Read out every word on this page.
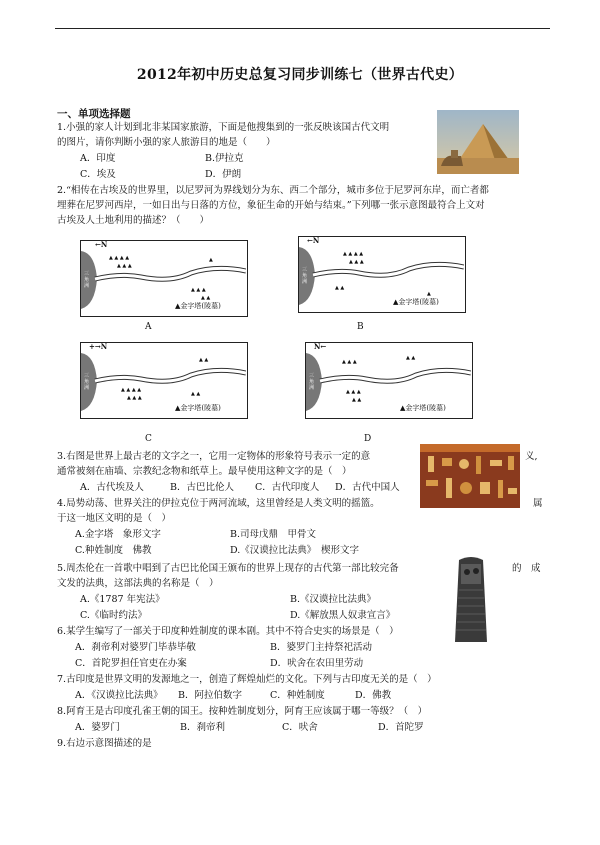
2012年初中历史总复习同步训练七（世界古代史）
一、单项选择题
1.小强的家人计划到北非某国家旅游，下面是他搜集到的一张反映该国古代文明
的图片，请你判断小强的家人旅游目的地是（　　）
A．印度	B.伊拉克
C．埃及	D．伊朗
2.“相传在古埃及的世界里，以尼罗河为界线划分为东、西二个部分，城市多位于尼罗河东岸，而亡者都
埋葬在尼罗河西岸，一如日出与日落的方位，象征生命的开始与结束。”下列哪一张示意图最符合上文对
古埃及人土地利用的描述？（　　）
▲ ▲ ▲ ▲
▲ ▲ ▲
▲
▲ ▲ ▲
▲ ▲
←N
三角洲
▲金字塔(陵墓)
A
▲ ▲ ▲ ▲
▲ ▲ ▲
▲ ▲
▲
←N
三角洲
▲金字塔(陵墓)
B
▲ ▲ ▲ ▲
▲ ▲ ▲
▲ ▲
▲ ▲
+→N
三角洲
▲金字塔(陵墓)
C
▲ ▲ ▲
▲ ▲
▲ ▲ ▲
▲ ▲
N←
三角洲
▲金字塔(陵墓)
D
3.右图是世界上最古老的文字之一，它用一定物体的形象符号表示一定的意	义,
通常被刻在庙墙、宗教纪念物和纸草上。最早使用这种文字的是（　）
A．古代埃及人	B．古巴比伦人 C．古代印度人 D．古代中国人
4.局势动荡、世界关注的伊拉克位于两河流域，这里曾经是人类文明的摇篮。	属
于这一地区文明的是（　）
A.金字塔　象形文字	B.司母戊鼎　甲骨文
C.种姓制度　佛教	D.《汉谟拉比法典》　楔形文字
5.周杰伦在一首歌中唱到了古巴比伦国王颁布的世界上现存的古代第一部比较完备	的　成
文发的法典，这部法典的名称是（　）
A.《1787 年宪法》	B.《汉谟拉比法典》
C.《临时约法》	D.《解放黑人奴隶宣言》
6.某学生编写了一部关于印度种姓制度的课本剧。其中不符合史实的场景是（　）
A．刹帝利对婆罗门毕恭毕敬	B．婆罗门主持祭祀活动
C．首陀罗担任官吏在办案	D．吠舍在农田里劳动
7.古印度是世界文明的发源地之一，创造了辉煌灿烂的文化。下列与古印度无关的是（　）
A．《汉谟拉比法典》 B．阿拉伯数字	C．种姓制度	D．佛教
8.阿育王是古印度孔雀王朝的国王。按种姓制度划分，阿育王应该属于哪一等级？（　）
A．婆罗门	B．刹帝利	C．吠舍	D．首陀罗
9.右边示意图描述的是
